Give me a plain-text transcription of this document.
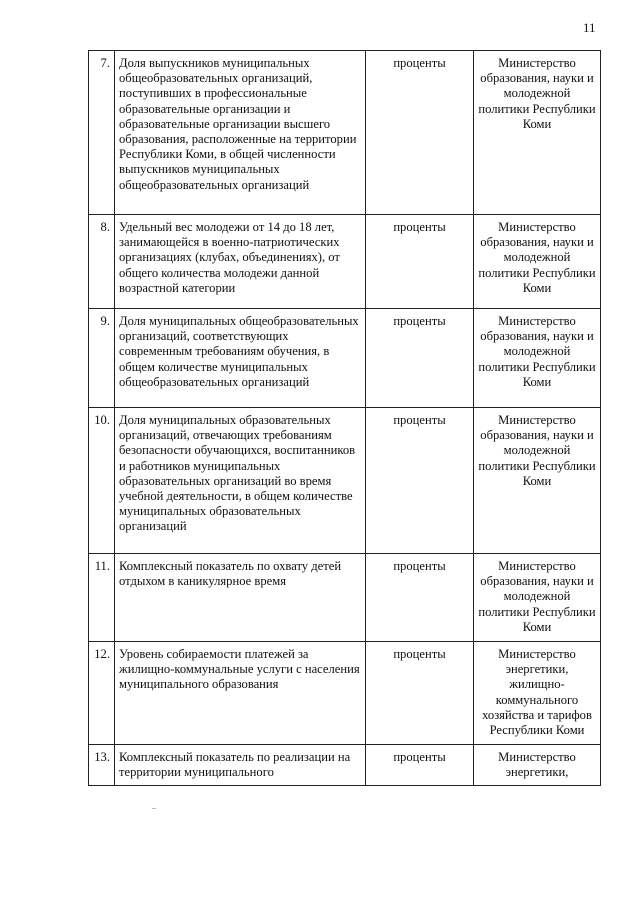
11
7.	Доля выпускников муниципальных общеобразовательных организаций, поступивших в профессиональные образовательные организации и образовательные организации высшего образования, расположенные на территории Республики Коми, в общей численности выпускников муниципальных общеобразовательных организаций	проценты	Министерство образования, науки и молодежной политики Республики Коми
8.	Удельный вес молодежи от 14 до 18 лет, занимающейся в военно-патриотических организациях (клубах, объединениях), от общего количества молодежи данной возрастной категории	проценты	Министерство образования, науки и молодежной политики Республики Коми
9.	Доля муниципальных общеобразовательных организаций, соответствующих современным требованиям обучения, в общем количестве муниципальных общеобразовательных организаций	проценты	Министерство образования, науки и молодежной политики Республики Коми
10.	Доля муниципальных образовательных организаций, отвечающих требованиям безопасности обучающихся, воспитанников и работников муниципальных образовательных организаций во время учебной деятельности, в общем количестве муниципальных образовательных организаций	проценты	Министерство образования, науки и молодежной политики Республики Коми
11.	Комплексный показатель по охвату детей отдыхом в каникулярное время	проценты	Министерство образования, науки и молодежной политики Республики Коми
12.	Уровень собираемости платежей за жилищно-коммунальные услуги с населения муниципального образования	проценты	Министерство энергетики, жилищно-коммунального хозяйства и тарифов Республики Коми
13.	Комплексный показатель по реализации на территории муниципального	проценты	Министерство энергетики,
